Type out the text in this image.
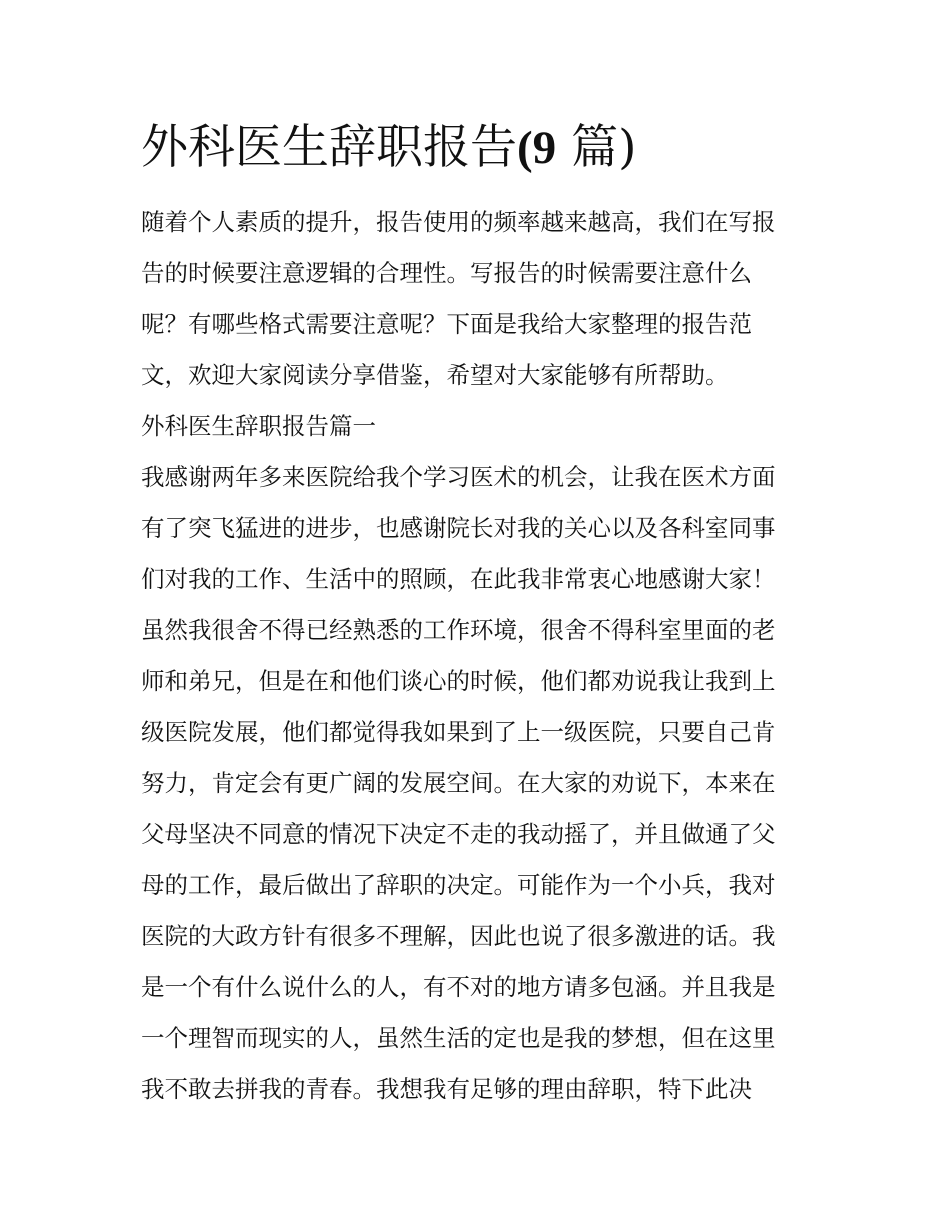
外科医生辞职报告(9 篇)
随着个人素质的提升，报告使用的频率越来越高，我们在写报
告的时候要注意逻辑的合理性。写报告的时候需要注意什么
呢？有哪些格式需要注意呢？下面是我给大家整理的报告范
文，欢迎大家阅读分享借鉴，希望对大家能够有所帮助。
外科医生辞职报告篇一
我感谢两年多来医院给我个学习医术的机会，让我在医术方面
有了突飞猛进的进步，也感谢院长对我的关心以及各科室同事
们对我的工作、生活中的照顾，在此我非常衷心地感谢大家！
虽然我很舍不得已经熟悉的工作环境，很舍不得科室里面的老
师和弟兄，但是在和他们谈心的时候，他们都劝说我让我到上
级医院发展，他们都觉得我如果到了上一级医院，只要自己肯
努力，肯定会有更广阔的发展空间。在大家的劝说下，本来在
父母坚决不同意的情况下决定不走的我动摇了，并且做通了父
母的工作，最后做出了辞职的决定。可能作为一个小兵，我对
医院的大政方针有很多不理解，因此也说了很多激进的话。我
是一个有什么说什么的人，有不对的地方请多包涵。并且我是
一个理智而现实的人，虽然生活的定也是我的梦想，但在这里
我不敢去拼我的青春。我想我有足够的理由辞职，特下此决
